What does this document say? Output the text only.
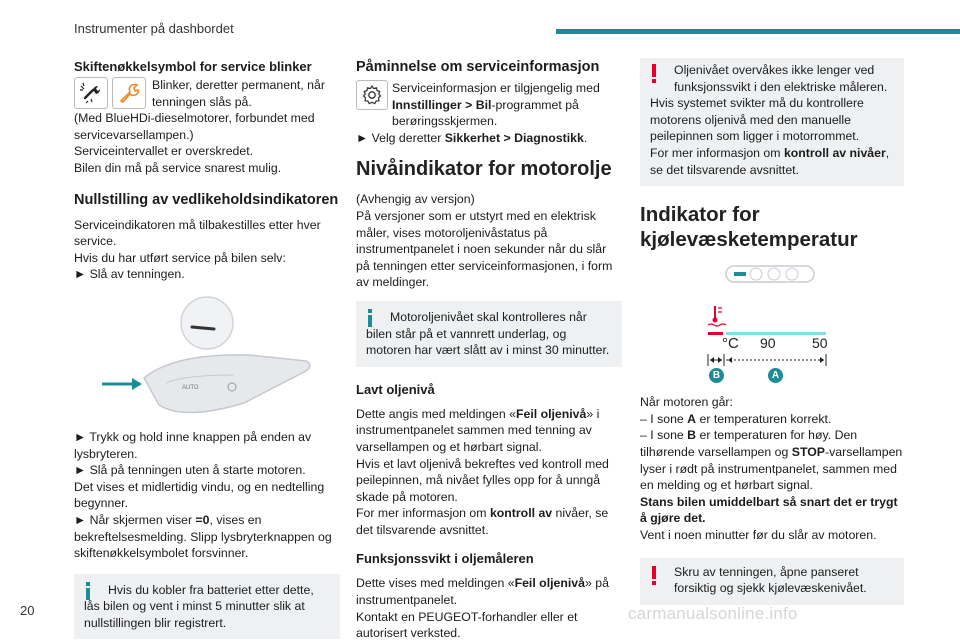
Instrumenter på dashbordet

Skiftenøkkelsymbol for service blinker

Blinker, deretter permanent, når tenningen slås på.

(Med BlueHDi-dieselmotorer, forbundet med servicevarsellampen.)

Serviceintervallet er overskredet.

Bilen din må på service snarest mulig.

Nullstilling av vedlikeholdsindikatoren

Serviceindikatoren må tilbakestilles etter hver service.

Hvis du har utført service på bilen selv:

► Slå av tenningen.

AUTO

► Trykk og hold inne knappen på enden av lysbryteren.

► Slå på tenningen uten å starte motoren.

Det vises et midlertidig vindu, og en nedtelling begynner.

► Når skjermen viser =0, vises en bekreftelsesmelding. Slipp lysbryterknappen og skiftenøkkelsymbolet forsvinner.

Hvis du kobler fra batteriet etter dette, lås bilen og vent i minst 5 minutter slik at nullstillingen blir registrert.

Påminnelse om serviceinformasjon

Serviceinformasjon er tilgjengelig med Innstillinger > Bil-programmet på berøringsskjermen.

► Velg deretter Sikkerhet > Diagnostikk.

Nivåindikator for motorolje

(Avhengig av versjon)

På versjoner som er utstyrt med en elektrisk måler, vises motoroljenivåstatus på instrumentpanelet i noen sekunder når du slår på tenningen etter serviceinformasjonen, i form av meldinger.

Motoroljenivået skal kontrolleres når bilen står på et vannrett underlag, og motoren har vært slått av i minst 30 minutter.

Lavt oljenivå

Dette angis med meldingen «Feil oljenivå» i instrumentpanelet sammen med tenning av varsellampen og et hørbart signal.

Hvis et lavt oljenivå bekreftes ved kontroll med peilepinnen, må nivået fylles opp for å unngå skade på motoren.

For mer informasjon om kontroll av nivåer, se det tilsvarende avsnittet.

Funksjonssvikt i oljemåleren

Dette vises med meldingen «Feil oljenivå» på instrumentpanelet.

Kontakt en PEUGEOT-forhandler eller et autorisert verksted.

Oljenivået overvåkes ikke lenger ved funksjonssvikt i den elektriske måleren.

Hvis systemet svikter må du kontrollere motorens oljenivå med den manuelle peilepinnen som ligger i motorrommet.

For mer informasjon om kontroll av nivåer, se det tilsvarende avsnittet.

Indikator for kjølevæsketemperatur

°C 90	50
B	A

Når motoren går:

– I sone A er temperaturen korrekt.

– I sone B er temperaturen for høy. Den tilhørende varsellampen og STOP-varsellampen lyser i rødt på instrumentpanelet, sammen med en melding og et hørbart signal.

Stans bilen umiddelbart så snart det er trygt å gjøre det.

Vent i noen minutter før du slår av motoren.

Skru av tenningen, åpne panseret forsiktig og sjekk kjølevæskenivået.

20	carmanualsonline.info
